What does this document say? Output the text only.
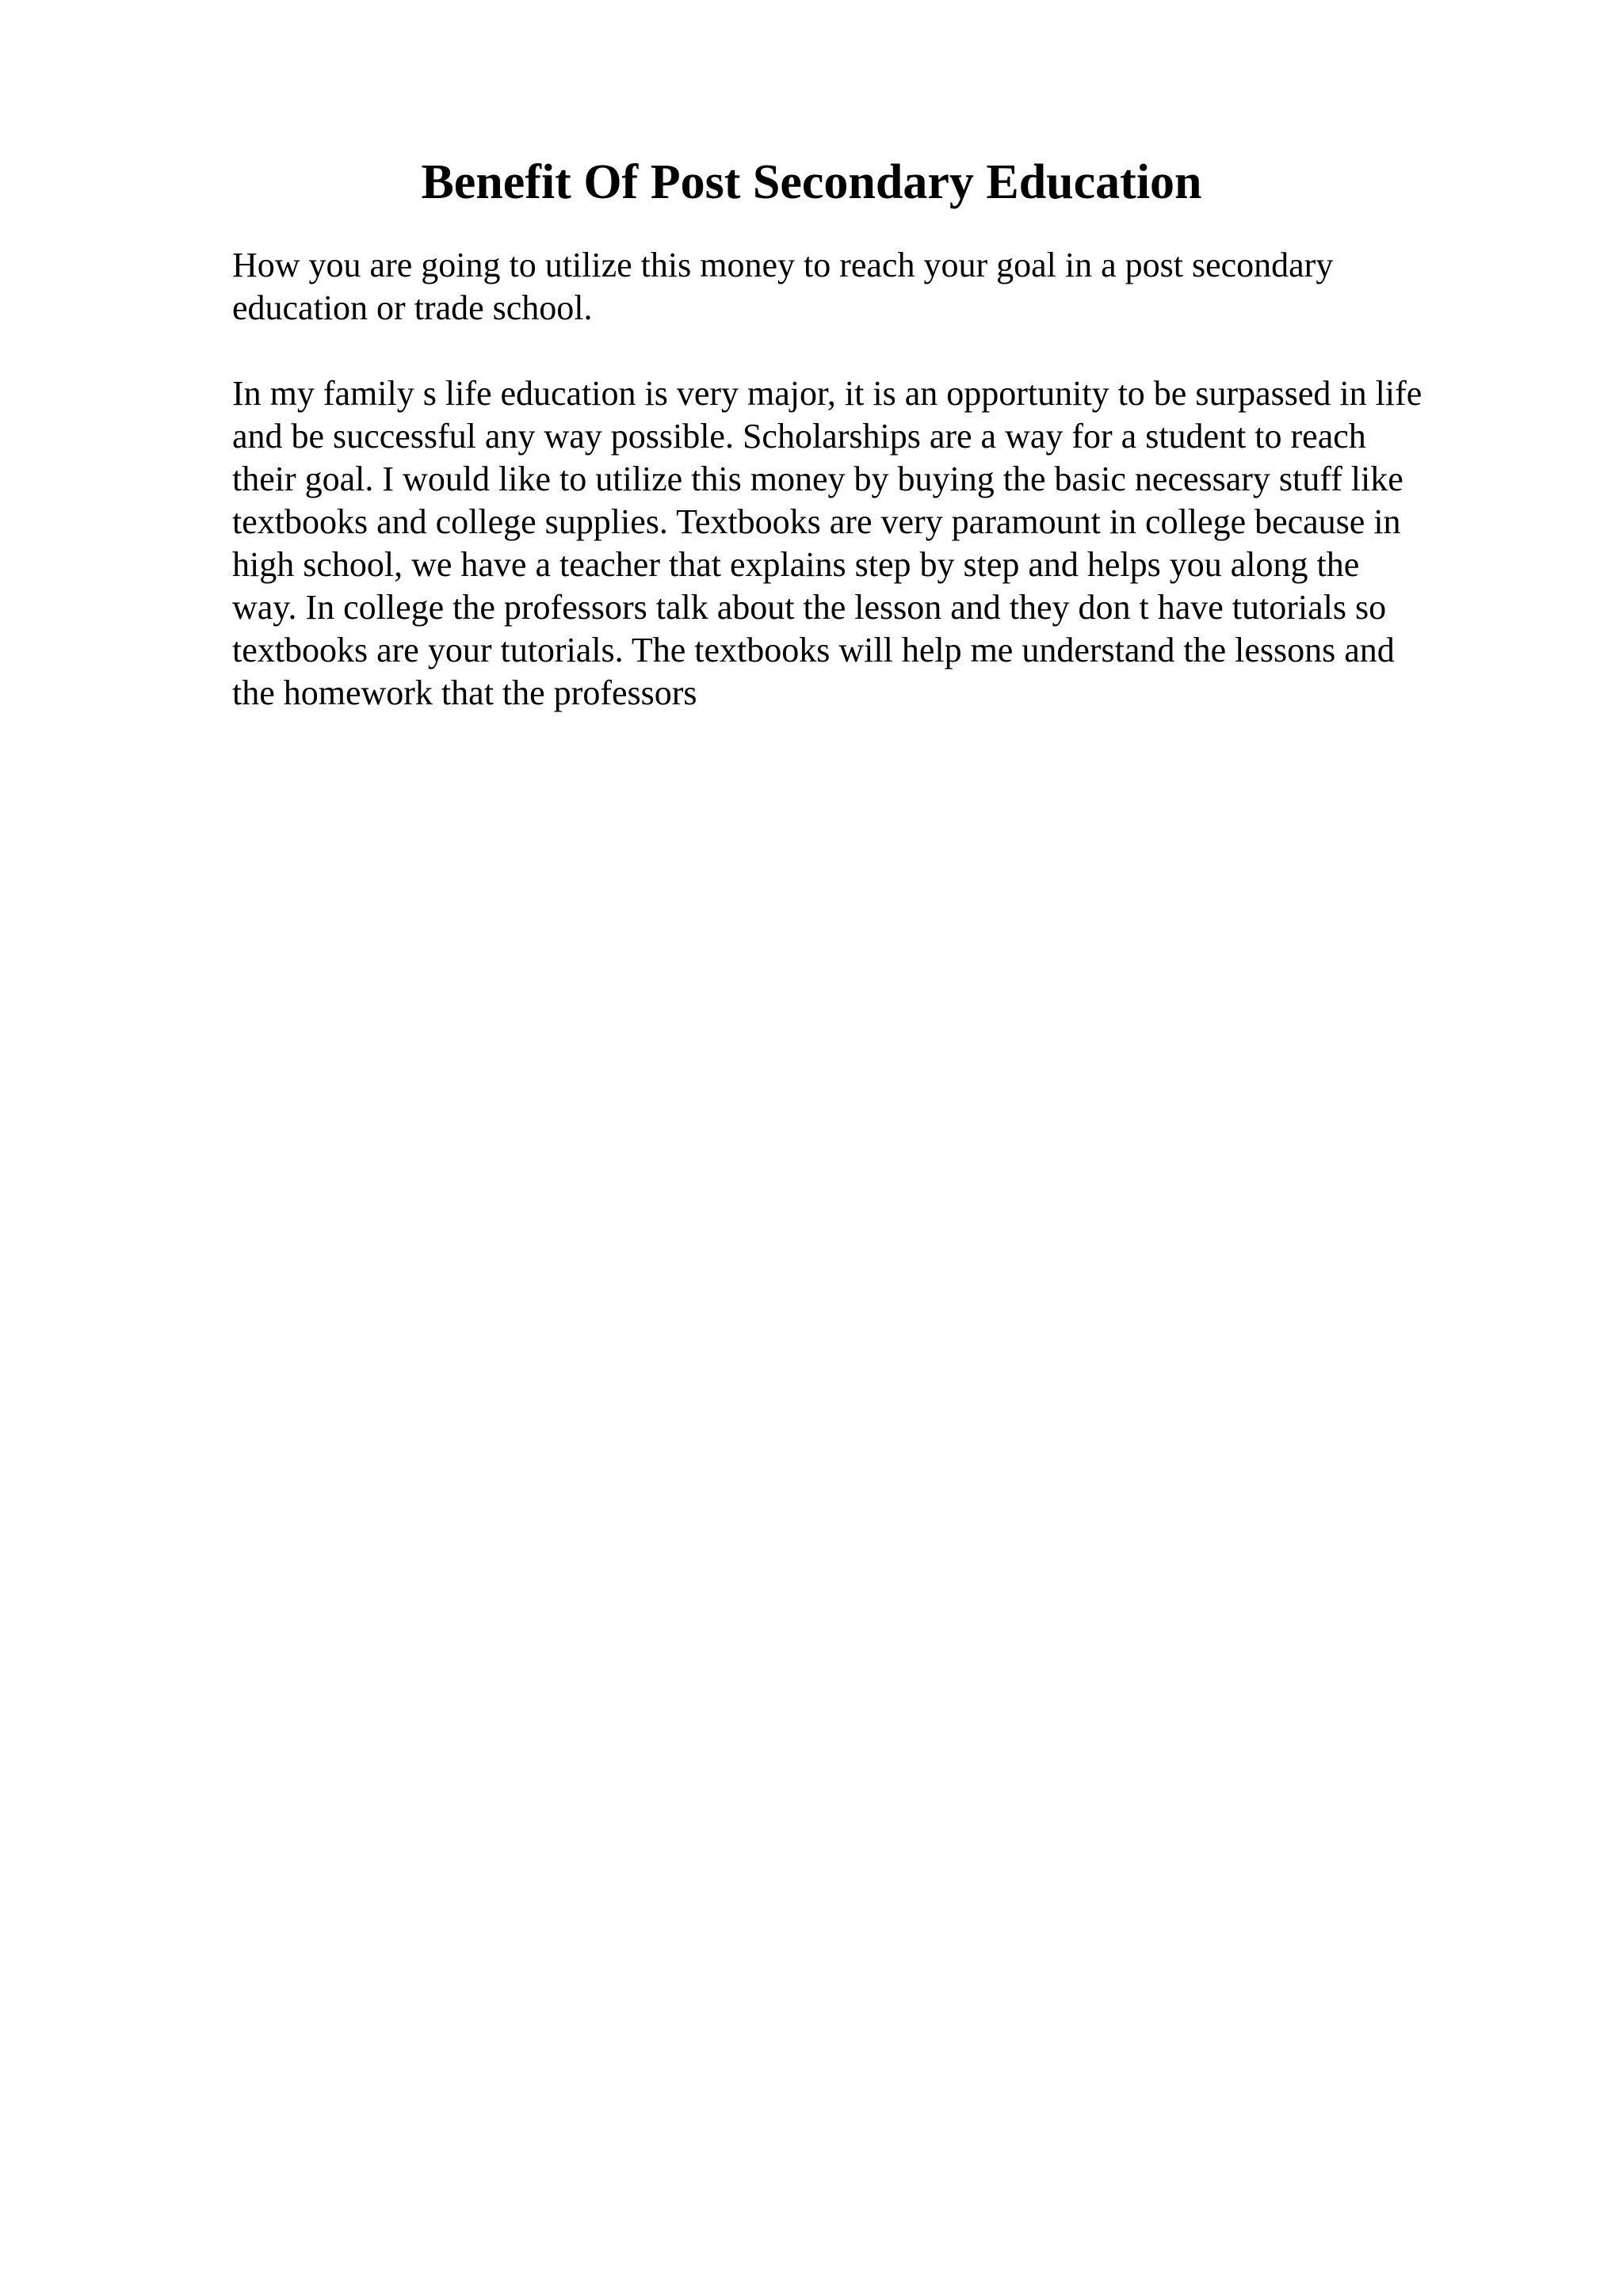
Benefit Of Post Secondary Education

How you are going to utilize this money to reach your goal in a post secondary
education or trade school.

In my family s life education is very major, it is an opportunity to be surpassed in life
and be successful any way possible. Scholarships are a way for a student to reach
their goal. I would like to utilize this money by buying the basic necessary stuff like
textbooks and college supplies. Textbooks are very paramount in college because in
high school, we have a teacher that explains step by step and helps you along the
way. In college the professors talk about the lesson and they don t have tutorials so
textbooks are your tutorials. The textbooks will help me understand the lessons and
the homework that the professors
